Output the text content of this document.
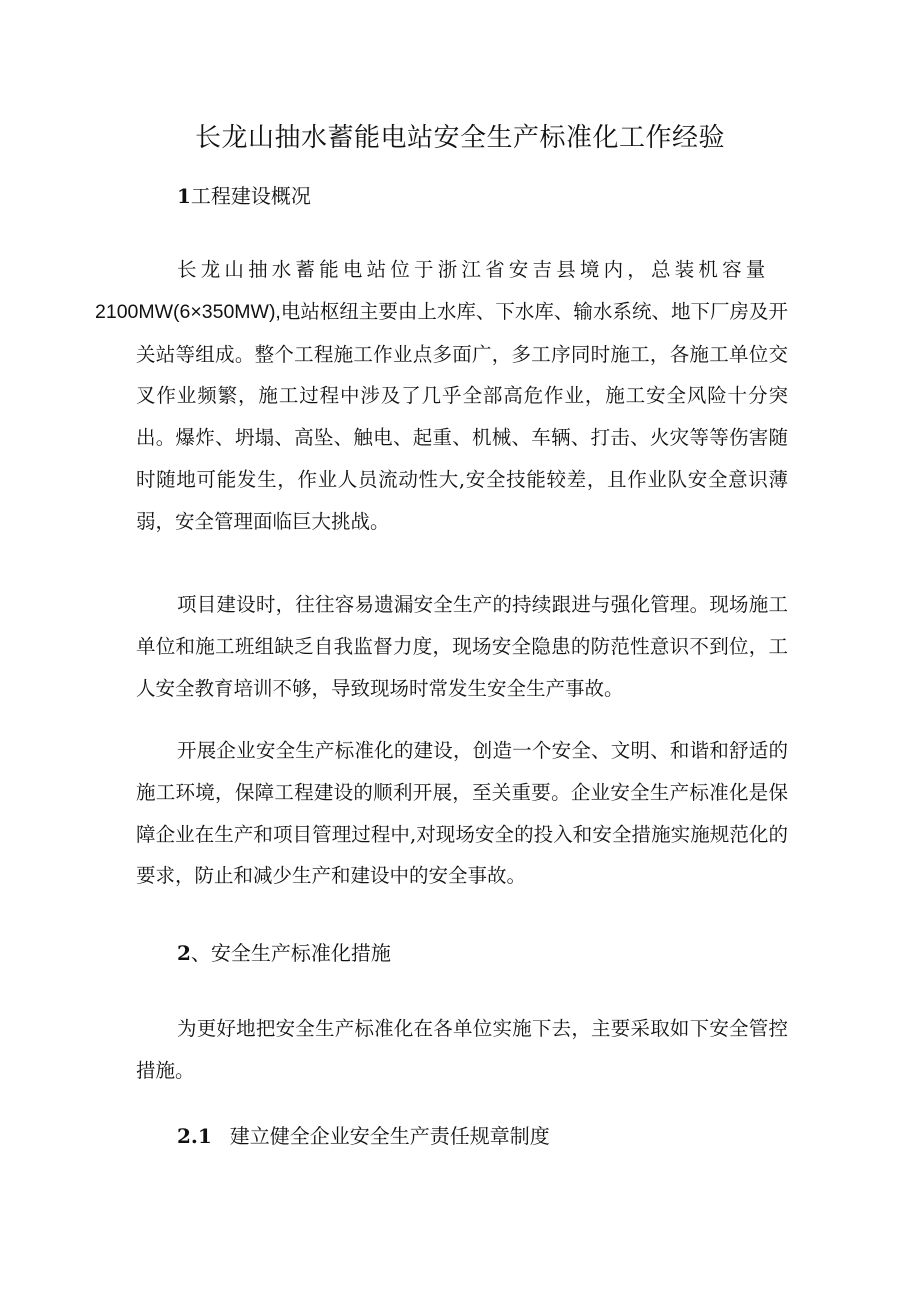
长龙山抽水蓄能电站安全生产标准化工作经验
1工程建设概况

长龙山抽水蓄能电站位于浙江省安吉县境内，总装机容量
2100MW(6×350MW),电站枢纽主要由上水库、下水库、输水系统、地下厂房及开关站等组成。整个工程施工作业点多面广，多工序同时施工，各施工单位交叉作业频繁，施工过程中涉及了几乎全部高危作业，施工安全风险十分突出。爆炸、坍塌、高坠、触电、起重、机械、车辆、打击、火灾等等伤害随时随地可能发生，作业人员流动性大,安全技能较差，且作业队安全意识薄弱，安全管理面临巨大挑战。

项目建设时，往往容易遗漏安全生产的持续跟进与强化管理。现场施工单位和施工班组缺乏自我监督力度，现场安全隐患的防范性意识不到位，工人安全教育培训不够，导致现场时常发生安全生产事故。

开展企业安全生产标准化的建设，创造一个安全、文明、和谐和舒适的施工环境，保障工程建设的顺利开展，至关重要。企业安全生产标准化是保障企业在生产和项目管理过程中,对现场安全的投入和安全措施实施规范化的要求，防止和减少生产和建设中的安全事故。

2、安全生产标准化措施

为更好地把安全生产标准化在各单位实施下去，主要采取如下安全管控措施。

2.1 建立健全企业安全生产责任规章制度
